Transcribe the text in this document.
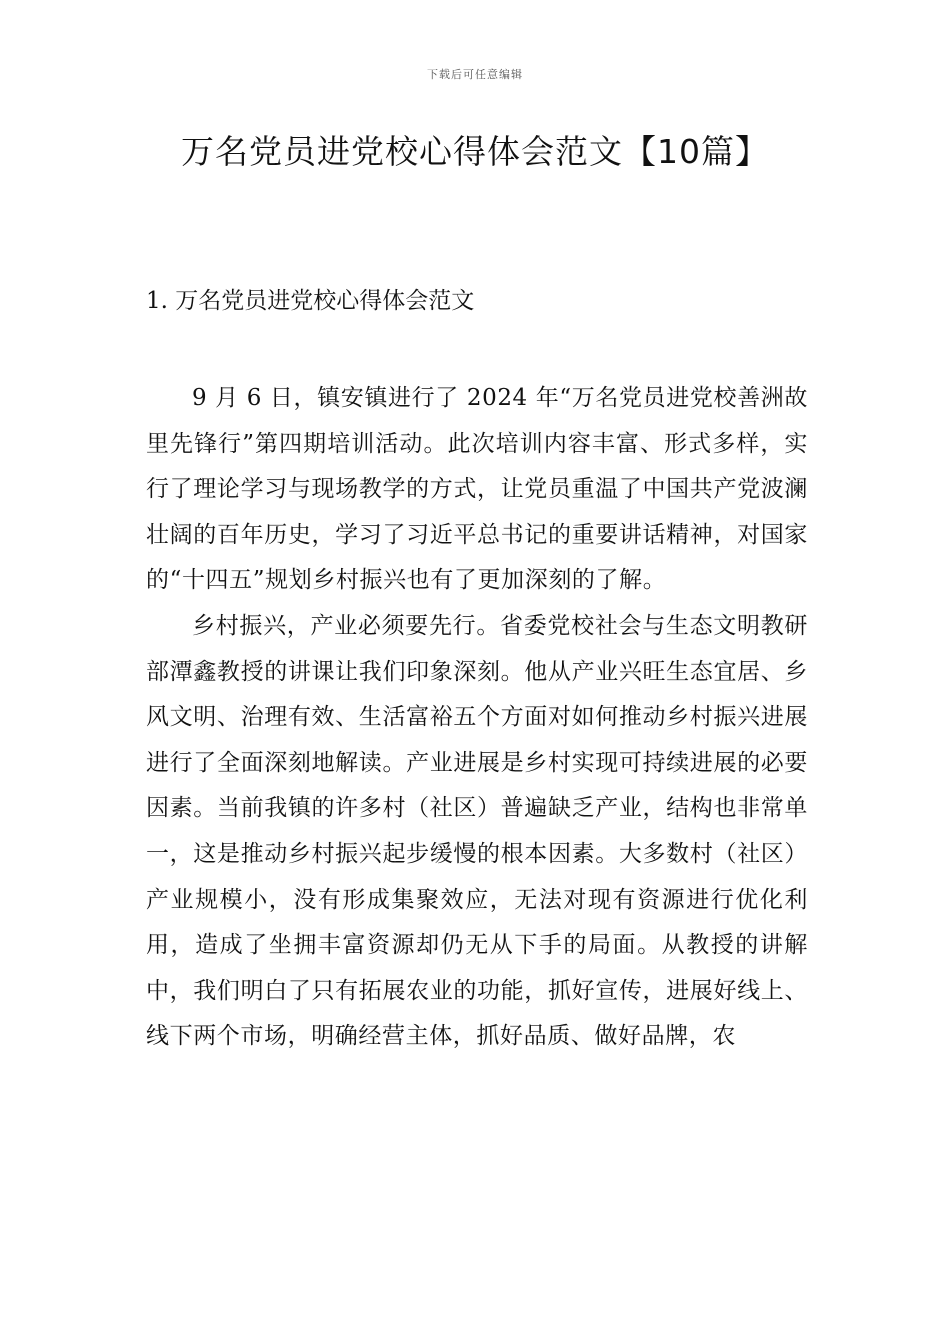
下载后可任意编辑
万名党员进党校心得体会范文【10篇】
1. 万名党员进党校心得体会范文

9 月 6 日，镇安镇进行了 2024 年“万名党员进党校善洲故里先锋行”第四期培训活动。此次培训内容丰富、形式多样，实行了理论学习与现场教学的方式，让党员重温了中国共产党波澜壮阔的百年历史，学习了习近平总书记的重要讲话精神，对国家的“十四五”规划乡村振兴也有了更加深刻的了解。

乡村振兴，产业必须要先行。省委党校社会与生态文明教研部潭鑫教授的讲课让我们印象深刻。他从产业兴旺生态宜居、乡风文明、治理有效、生活富裕五个方面对如何推动乡村振兴进展进行了全面深刻地解读。产业进展是乡村实现可持续进展的必要因素。当前我镇的许多村（社区）普遍缺乏产业，结构也非常单一，这是推动乡村振兴起步缓慢的根本因素。大多数村（社区）产业规模小，没有形成集聚效应，无法对现有资源进行优化利用，造成了坐拥丰富资源却仍无从下手的局面。从教授的讲解中，我们明白了只有拓展农业的功能，抓好宣传，进展好线上、线下两个市场，明确经营主体，抓好品质、做好品牌，农
